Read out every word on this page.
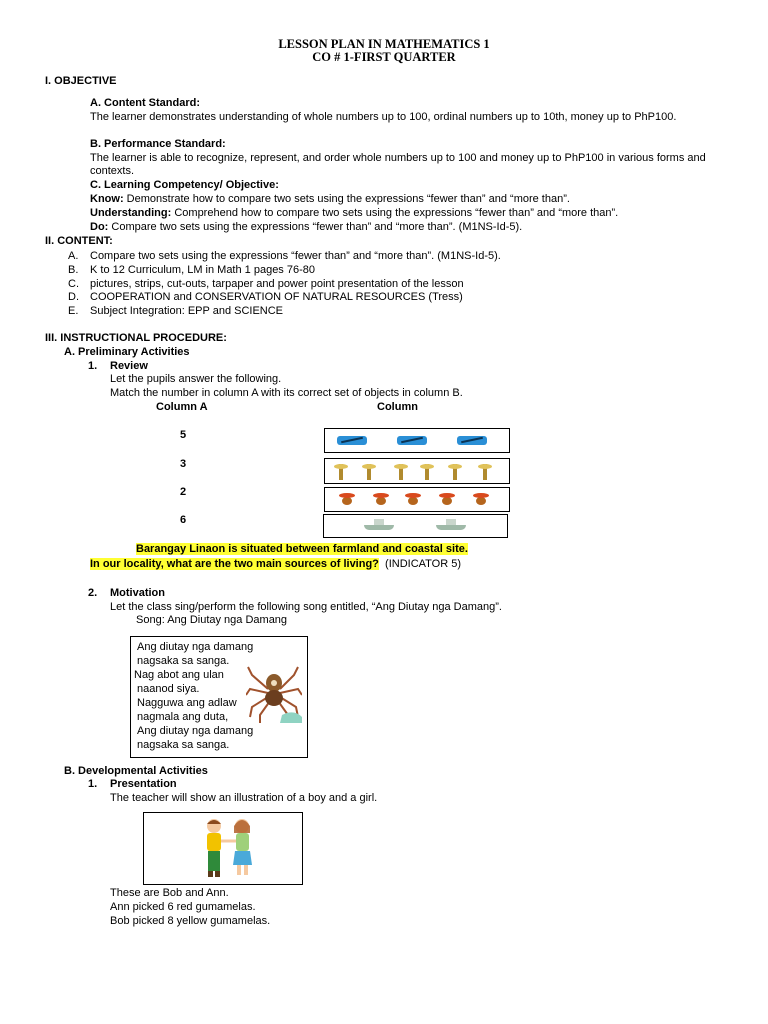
LESSON PLAN IN MATHEMATICS 1
CO # 1-FIRST QUARTER
I. OBJECTIVE
A. Content Standard:
The learner demonstrates understanding of whole numbers up to 100, ordinal numbers up to 10th, money up to PhP100.
B. Performance Standard:
The learner is able to recognize, represent, and order whole numbers up to 100 and money up to PhP100 in various forms and contexts.
C. Learning Competency/ Objective:
Know: Demonstrate how to compare two sets using the expressions “fewer than” and “more than”.
Understanding: Comprehend how to compare two sets using the expressions “fewer than” and “more than”.
Do: Compare two sets using the expressions “fewer than” and “more than”. (M1NS-Id-5).
II. CONTENT:
A. Compare two sets using the expressions “fewer than” and “more than”. (M1NS-Id-5).
B. K to 12 Curriculum, LM in Math 1 pages 76-80
C. pictures, strips, cut-outs, tarpaper and power point presentation of the lesson
D. COOPERATION and CONSERVATION OF NATURAL RESOURCES (Tress)
E. Subject Integration: EPP and SCIENCE
III. INSTRUCTIONAL PROCEDURE:
A. Preliminary Activities
1. Review
Let the pupils answer the following.
Match the number in column A with its correct set of objects in column B.
Column A	Column
5
3
2
6
Barangay Linaon is situated between farmland and coastal site.
In our locality, what are the two main sources of living? (INDICATOR 5)
2. Motivation
Let the class sing/perform the following song entitled, “Ang Diutay nga Damang”.
Song: Ang Diutay nga Damang
Ang diutay nga damang
nagsaka sa sanga.
Nag abot ang ulan
naanod siya.
Nagguwa ang adlaw
nagmala ang duta,
Ang diutay nga damang
nagsaka sa sanga.
B. Developmental Activities
1. Presentation
The teacher will show an illustration of a boy and a girl.
These are Bob and Ann.
Ann picked 6 red gumamelas.
Bob picked 8 yellow gumamelas.
